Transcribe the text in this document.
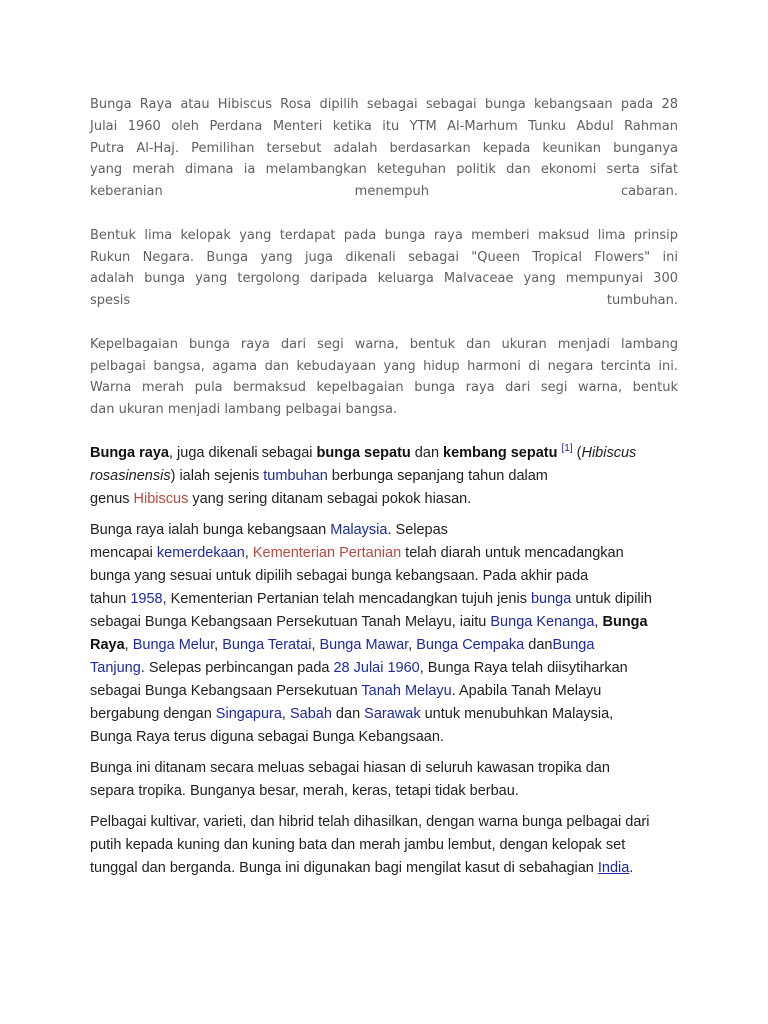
Bunga Raya atau Hibiscus Rosa dipilih sebagai sebagai bunga kebangsaan pada 28
Julai 1960 oleh Perdana Menteri ketika itu YTM Al-Marhum Tunku Abdul Rahman
Putra Al-Haj. Pemilihan tersebut adalah berdasarkan kepada keunikan bunganya
yang merah dimana ia melambangkan keteguhan politik dan ekonomi serta sifat
keberanian menempuh cabaran.

Bentuk lima kelopak yang terdapat pada bunga raya memberi maksud lima prinsip
Rukun Negara. Bunga yang juga dikenali sebagai "Queen Tropical Flowers" ini
adalah bunga yang tergolong daripada keluarga Malvaceae yang mempunyai 300
spesis tumbuhan.

Kepelbagaian bunga raya dari segi warna, bentuk dan ukuran menjadi lambang
pelbagai bangsa, agama dan kebudayaan yang hidup harmoni di negara tercinta ini.
Warna merah pula bermaksud kepelbagaian bunga raya dari segi warna, bentuk
dan ukuran menjadi lambang pelbagai bangsa.

Bunga raya, juga dikenali sebagai bunga sepatu dan kembang sepatu [1] (Hibiscus
rosasinensis) ialah sejenis tumbuhan berbunga sepanjang tahun dalam
genus Hibiscus yang sering ditanam sebagai pokok hiasan.

Bunga raya ialah bunga kebangsaan Malaysia. Selepas
mencapai kemerdekaan, Kementerian Pertanian telah diarah untuk mencadangkan
bunga yang sesuai untuk dipilih sebagai bunga kebangsaan. Pada akhir pada
tahun 1958, Kementerian Pertanian telah mencadangkan tujuh jenis bunga untuk dipilih
sebagai Bunga Kebangsaan Persekutuan Tanah Melayu, iaitu Bunga Kenanga, Bunga
Raya, Bunga Melur, Bunga Teratai, Bunga Mawar, Bunga Cempaka danBunga
Tanjung. Selepas perbincangan pada 28 Julai 1960, Bunga Raya telah diisytiharkan
sebagai Bunga Kebangsaan Persekutuan Tanah Melayu. Apabila Tanah Melayu
bergabung dengan Singapura, Sabah dan Sarawak untuk menubuhkan Malaysia,
Bunga Raya terus diguna sebagai Bunga Kebangsaan.

Bunga ini ditanam secara meluas sebagai hiasan di seluruh kawasan tropika dan
separa tropika. Bunganya besar, merah, keras, tetapi tidak berbau.

Pelbagai kultivar, varieti, dan hibrid telah dihasilkan, dengan warna bunga pelbagai dari
putih kepada kuning dan kuning bata dan merah jambu lembut, dengan kelopak set
tunggal dan berganda. Bunga ini digunakan bagi mengilat kasut di sebahagian India.
